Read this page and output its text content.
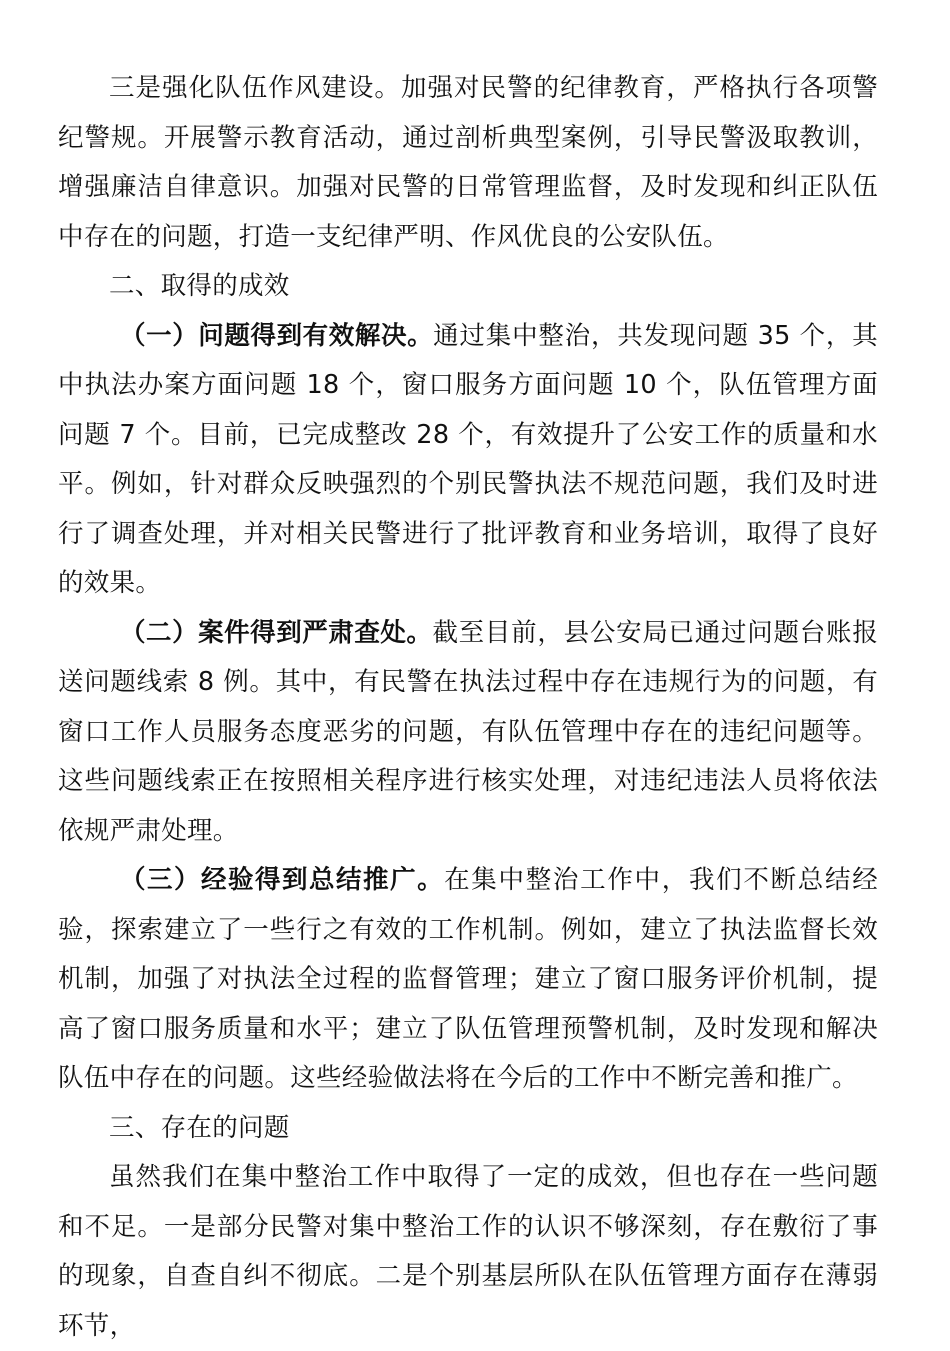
三是强化队伍作风建设。加强对民警的纪律教育，严格执行各项警纪警规。开展警示教育活动，通过剖析典型案例，引导民警汲取教训，增强廉洁自律意识。加强对民警的日常管理监督，及时发现和纠正队伍中存在的问题，打造一支纪律严明、作风优良的公安队伍。

二、取得的成效

（一）问题得到有效解决。通过集中整治，共发现问题 35 个，其中执法办案方面问题 18 个，窗口服务方面问题 10 个，队伍管理方面问题 7 个。目前，已完成整改 28 个，有效提升了公安工作的质量和水平。例如，针对群众反映强烈的个别民警执法不规范问题，我们及时进行了调查处理，并对相关民警进行了批评教育和业务培训，取得了良好的效果。

（二）案件得到严肃查处。截至目前，县公安局已通过问题台账报送问题线索 8 例。其中，有民警在执法过程中存在违规行为的问题，有窗口工作人员服务态度恶劣的问题，有队伍管理中存在的违纪问题等。这些问题线索正在按照相关程序进行核实处理，对违纪违法人员将依法依规严肃处理。

（三）经验得到总结推广。在集中整治工作中，我们不断总结经验，探索建立了一些行之有效的工作机制。例如，建立了执法监督长效机制，加强了对执法全过程的监督管理；建立了窗口服务评价机制，提高了窗口服务质量和水平；建立了队伍管理预警机制，及时发现和解决队伍中存在的问题。这些经验做法将在今后的工作中不断完善和推广。

三、存在的问题

虽然我们在集中整治工作中取得了一定的成效，但也存在一些问题和不足。一是部分民警对集中整治工作的认识不够深刻，存在敷衍了事的现象，自查自纠不彻底。二是个别基层所队在队伍管理方面存在薄弱环节，
